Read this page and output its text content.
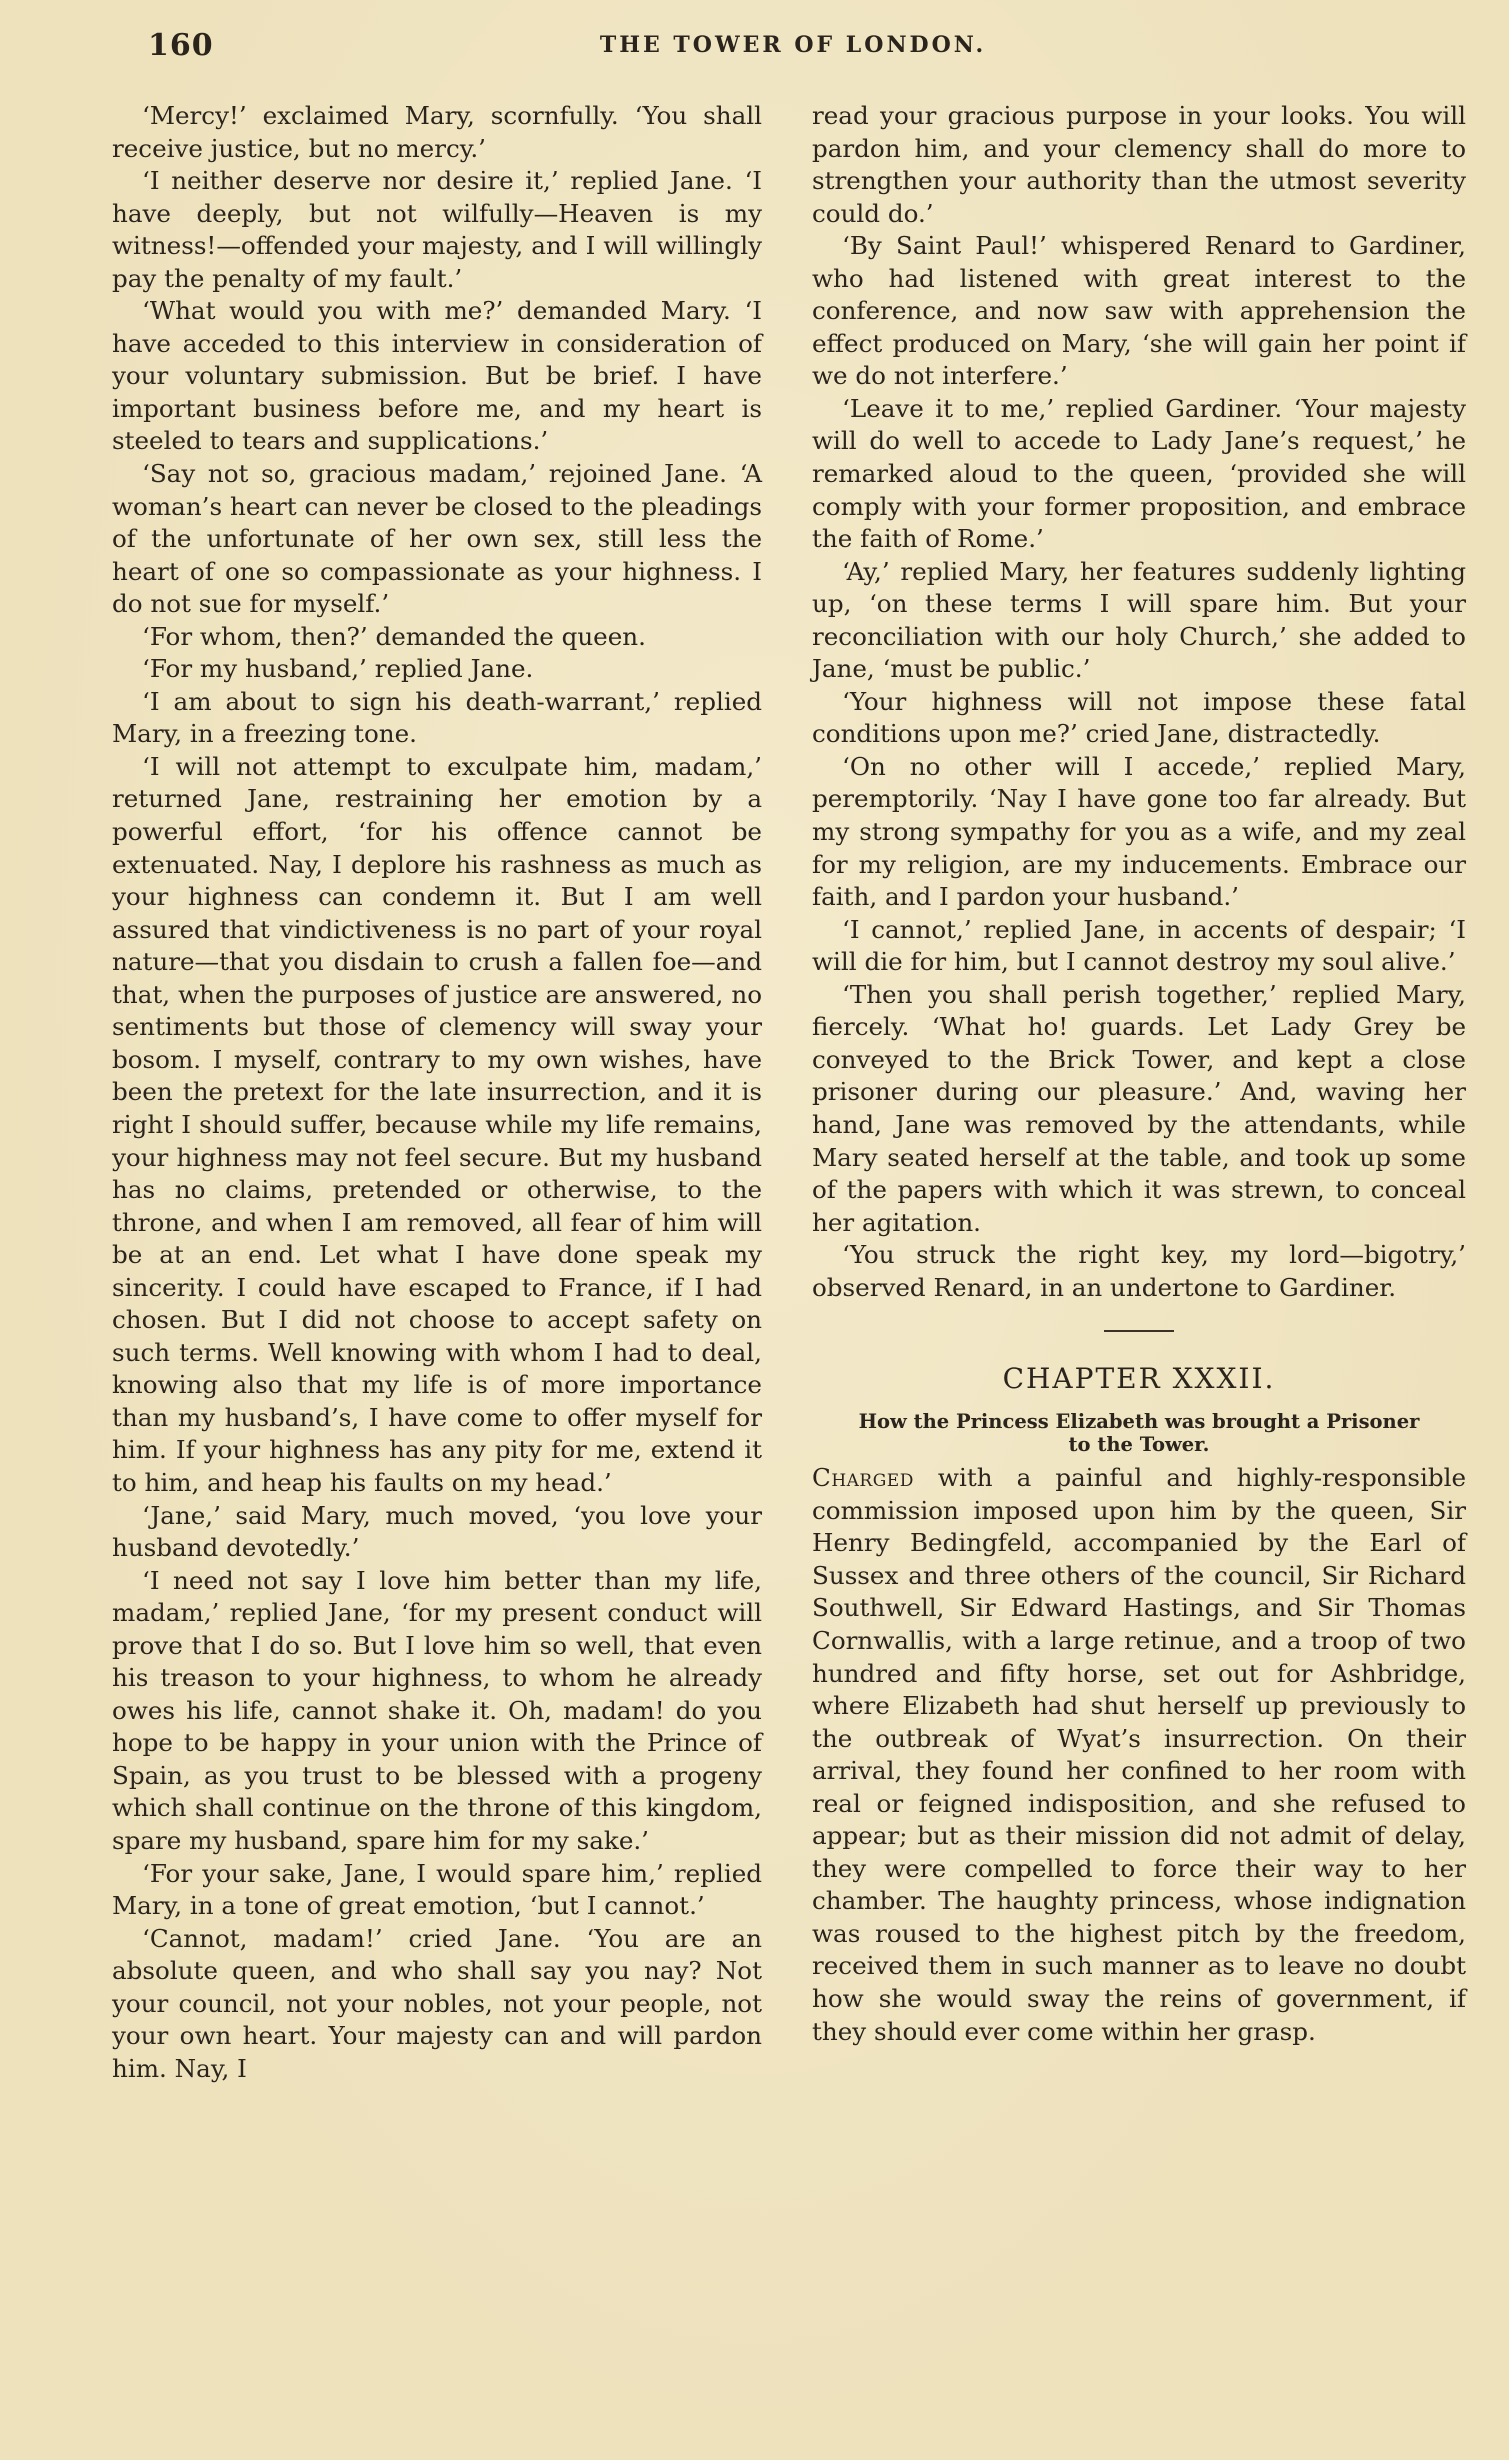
160	THE TOWER OF LONDON.

‘Mercy!’ exclaimed Mary, scornfully. ‘You shall receive justice, but no mercy.’

‘I neither deserve nor desire it,’ replied Jane. ‘I have deeply, but not wilfully—Heaven is my witness!—offended your majesty, and I will willingly pay the penalty of my fault.’

‘What would you with me?’ demanded Mary. ‘I have acceded to this interview in consideration of your voluntary submission. But be brief. I have important business before me, and my heart is steeled to tears and supplications.’

‘Say not so, gracious madam,’ rejoined Jane. ‘A woman’s heart can never be closed to the pleadings of the unfortunate of her own sex, still less the heart of one so compassionate as your highness. I do not sue for myself.’

‘For whom, then?’ demanded the queen.

‘For my husband,’ replied Jane.

‘I am about to sign his death-warrant,’ replied Mary, in a freezing tone.

‘I will not attempt to exculpate him, madam,’ returned Jane, restraining her emotion by a powerful effort, ‘for his offence cannot be extenuated. Nay, I deplore his rashness as much as your highness can condemn it. But I am well assured that vindictiveness is no part of your royal nature—that you disdain to crush a fallen foe—and that, when the purposes of justice are answered, no sentiments but those of clemency will sway your bosom. I myself, contrary to my own wishes, have been the pretext for the late insurrection, and it is right I should suffer, because while my life remains, your highness may not feel secure. But my husband has no claims, pretended or otherwise, to the throne, and when I am removed, all fear of him will be at an end. Let what I have done speak my sincerity. I could have escaped to France, if I had chosen. But I did not choose to accept safety on such terms. Well knowing with whom I had to deal, knowing also that my life is of more importance than my husband’s, I have come to offer myself for him. If your highness has any pity for me, extend it to him, and heap his faults on my head.’

‘Jane,’ said Mary, much moved, ‘you love your husband devotedly.’

‘I need not say I love him better than my life, madam,’ replied Jane, ‘for my present conduct will prove that I do so. But I love him so well, that even his treason to your highness, to whom he already owes his life, cannot shake it. Oh, madam! do you hope to be happy in your union with the Prince of Spain, as you trust to be blessed with a progeny which shall continue on the throne of this kingdom, spare my husband, spare him for my sake.’

‘For your sake, Jane, I would spare him,’ replied Mary, in a tone of great emotion, ‘but I cannot.’

‘Cannot, madam!’ cried Jane. ‘You are an absolute queen, and who shall say you nay? Not your council, not your nobles, not your people, not your own heart. Your majesty can and will pardon him. Nay, I

read your gracious purpose in your looks. You will pardon him, and your clemency shall do more to strengthen your authority than the utmost severity could do.’

‘By Saint Paul!’ whispered Renard to Gardiner, who had listened with great interest to the conference, and now saw with apprehension the effect produced on Mary, ‘she will gain her point if we do not interfere.’

‘Leave it to me,’ replied Gardiner. ‘Your majesty will do well to accede to Lady Jane’s request,’ he remarked aloud to the queen, ‘provided she will comply with your former proposition, and embrace the faith of Rome.’

‘Ay,’ replied Mary, her features suddenly lighting up, ‘on these terms I will spare him. But your reconciliation with our holy Church,’ she added to Jane, ‘must be public.’

‘Your highness will not impose these fatal conditions upon me?’ cried Jane, distractedly.

‘On no other will I accede,’ replied Mary, peremptorily. ‘Nay I have gone too far already. But my strong sympathy for you as a wife, and my zeal for my religion, are my inducements. Embrace our faith, and I pardon your husband.’

‘I cannot,’ replied Jane, in accents of despair; ‘I will die for him, but I cannot destroy my soul alive.’

‘Then you shall perish together,’ replied Mary, fiercely. ‘What ho! guards. Let Lady Grey be conveyed to the Brick Tower, and kept a close prisoner during our pleasure.’ And, waving her hand, Jane was removed by the attendants, while Mary seated herself at the table, and took up some of the papers with which it was strewn, to conceal her agitation.

‘You struck the right key, my lord—bigotry,’ observed Renard, in an undertone to Gardiner.

CHAPTER XXXII.
How the Princess Elizabeth was brought a Prisoner
to the Tower.

Charged with a painful and highly-responsible commission imposed upon him by the queen, Sir Henry Bedingfeld, accompanied by the Earl of Sussex and three others of the council, Sir Richard Southwell, Sir Edward Hastings, and Sir Thomas Cornwallis, with a large retinue, and a troop of two hundred and fifty horse, set out for Ashbridge, where Elizabeth had shut herself up previously to the outbreak of Wyat’s insurrection. On their arrival, they found her confined to her room with real or feigned indisposition, and she refused to appear; but as their mission did not admit of delay, they were compelled to force their way to her chamber. The haughty princess, whose indignation was roused to the highest pitch by the freedom, received them in such manner as to leave no doubt how she would sway the reins of government, if they should ever come within her grasp.
